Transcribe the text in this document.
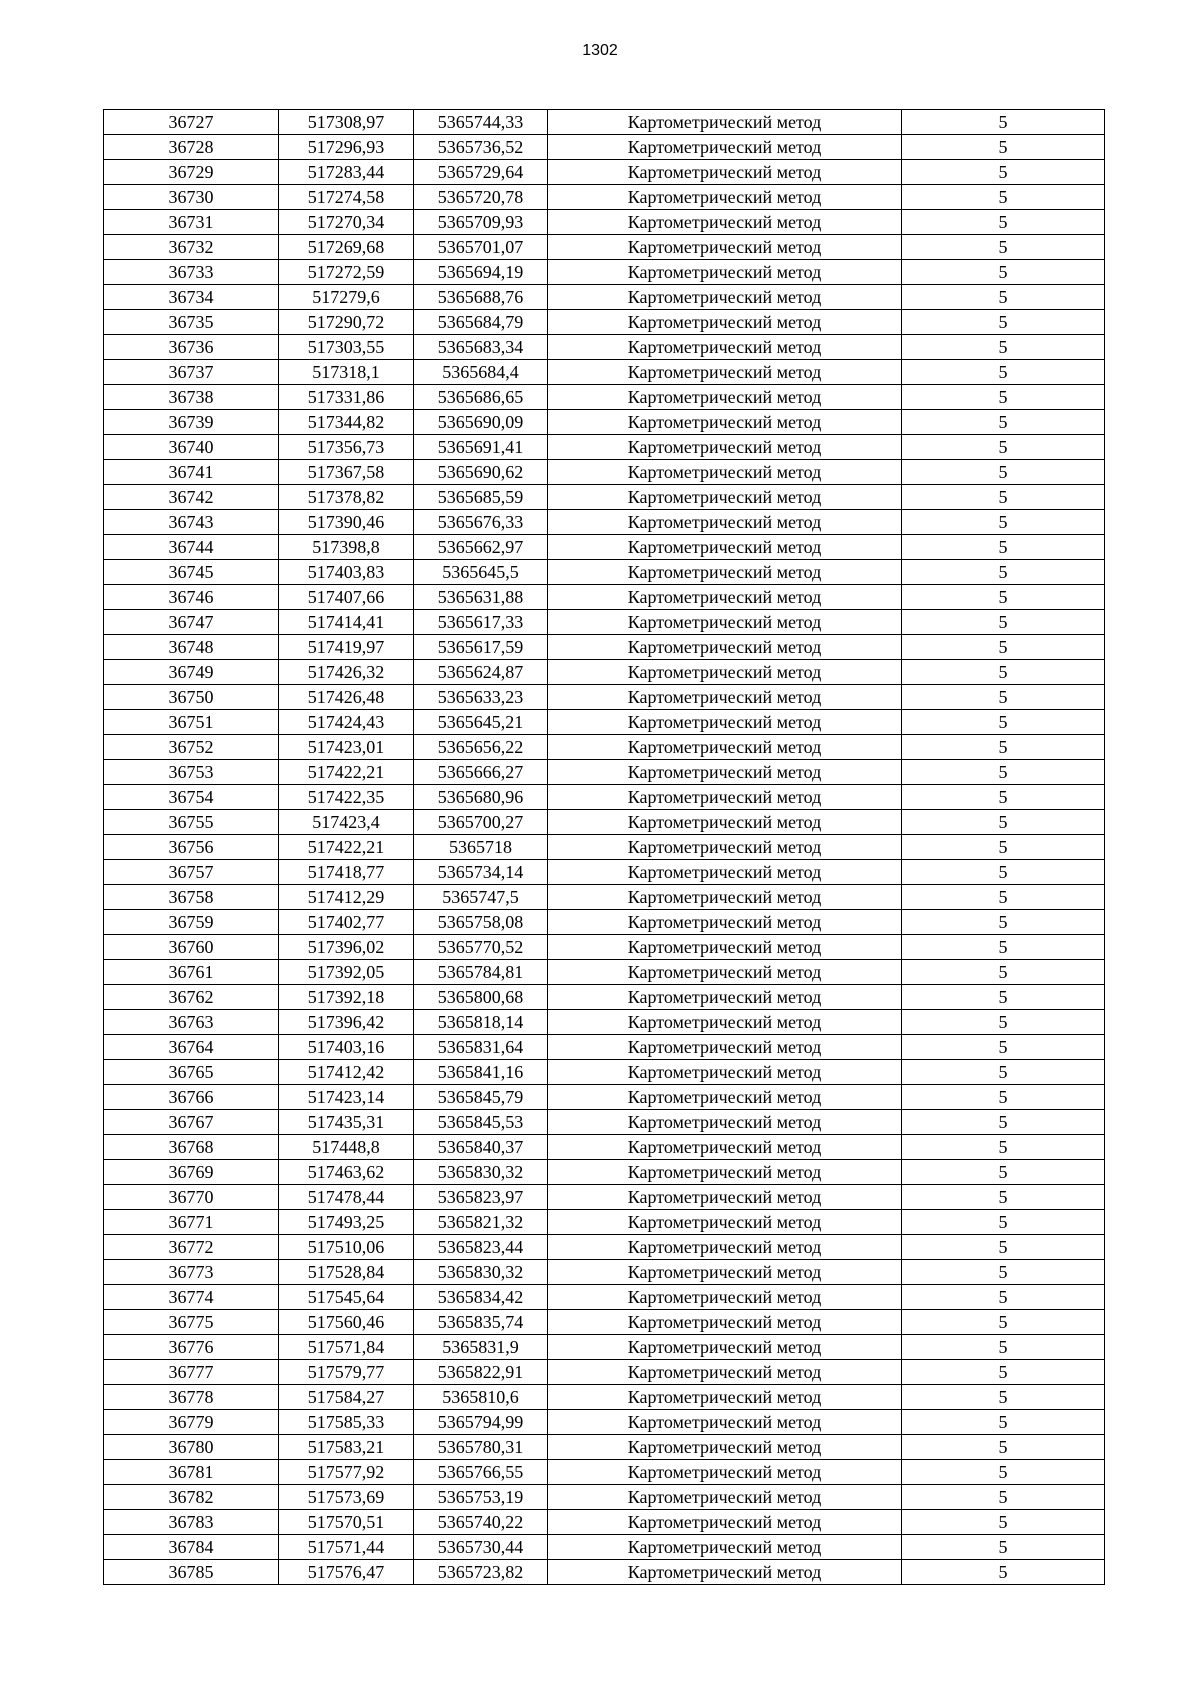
1302
36727	517308,97	5365744,33	Картометрический метод	5
36728	517296,93	5365736,52	Картометрический метод	5
36729	517283,44	5365729,64	Картометрический метод	5
36730	517274,58	5365720,78	Картометрический метод	5
36731	517270,34	5365709,93	Картометрический метод	5
36732	517269,68	5365701,07	Картометрический метод	5
36733	517272,59	5365694,19	Картометрический метод	5
36734	517279,6	5365688,76	Картометрический метод	5
36735	517290,72	5365684,79	Картометрический метод	5
36736	517303,55	5365683,34	Картометрический метод	5
36737	517318,1	5365684,4	Картометрический метод	5
36738	517331,86	5365686,65	Картометрический метод	5
36739	517344,82	5365690,09	Картометрический метод	5
36740	517356,73	5365691,41	Картометрический метод	5
36741	517367,58	5365690,62	Картометрический метод	5
36742	517378,82	5365685,59	Картометрический метод	5
36743	517390,46	5365676,33	Картометрический метод	5
36744	517398,8	5365662,97	Картометрический метод	5
36745	517403,83	5365645,5	Картометрический метод	5
36746	517407,66	5365631,88	Картометрический метод	5
36747	517414,41	5365617,33	Картометрический метод	5
36748	517419,97	5365617,59	Картометрический метод	5
36749	517426,32	5365624,87	Картометрический метод	5
36750	517426,48	5365633,23	Картометрический метод	5
36751	517424,43	5365645,21	Картометрический метод	5
36752	517423,01	5365656,22	Картометрический метод	5
36753	517422,21	5365666,27	Картометрический метод	5
36754	517422,35	5365680,96	Картометрический метод	5
36755	517423,4	5365700,27	Картометрический метод	5
36756	517422,21	5365718	Картометрический метод	5
36757	517418,77	5365734,14	Картометрический метод	5
36758	517412,29	5365747,5	Картометрический метод	5
36759	517402,77	5365758,08	Картометрический метод	5
36760	517396,02	5365770,52	Картометрический метод	5
36761	517392,05	5365784,81	Картометрический метод	5
36762	517392,18	5365800,68	Картометрический метод	5
36763	517396,42	5365818,14	Картометрический метод	5
36764	517403,16	5365831,64	Картометрический метод	5
36765	517412,42	5365841,16	Картометрический метод	5
36766	517423,14	5365845,79	Картометрический метод	5
36767	517435,31	5365845,53	Картометрический метод	5
36768	517448,8	5365840,37	Картометрический метод	5
36769	517463,62	5365830,32	Картометрический метод	5
36770	517478,44	5365823,97	Картометрический метод	5
36771	517493,25	5365821,32	Картометрический метод	5
36772	517510,06	5365823,44	Картометрический метод	5
36773	517528,84	5365830,32	Картометрический метод	5
36774	517545,64	5365834,42	Картометрический метод	5
36775	517560,46	5365835,74	Картометрический метод	5
36776	517571,84	5365831,9	Картометрический метод	5
36777	517579,77	5365822,91	Картометрический метод	5
36778	517584,27	5365810,6	Картометрический метод	5
36779	517585,33	5365794,99	Картометрический метод	5
36780	517583,21	5365780,31	Картометрический метод	5
36781	517577,92	5365766,55	Картометрический метод	5
36782	517573,69	5365753,19	Картометрический метод	5
36783	517570,51	5365740,22	Картометрический метод	5
36784	517571,44	5365730,44	Картометрический метод	5
36785	517576,47	5365723,82	Картометрический метод	5
